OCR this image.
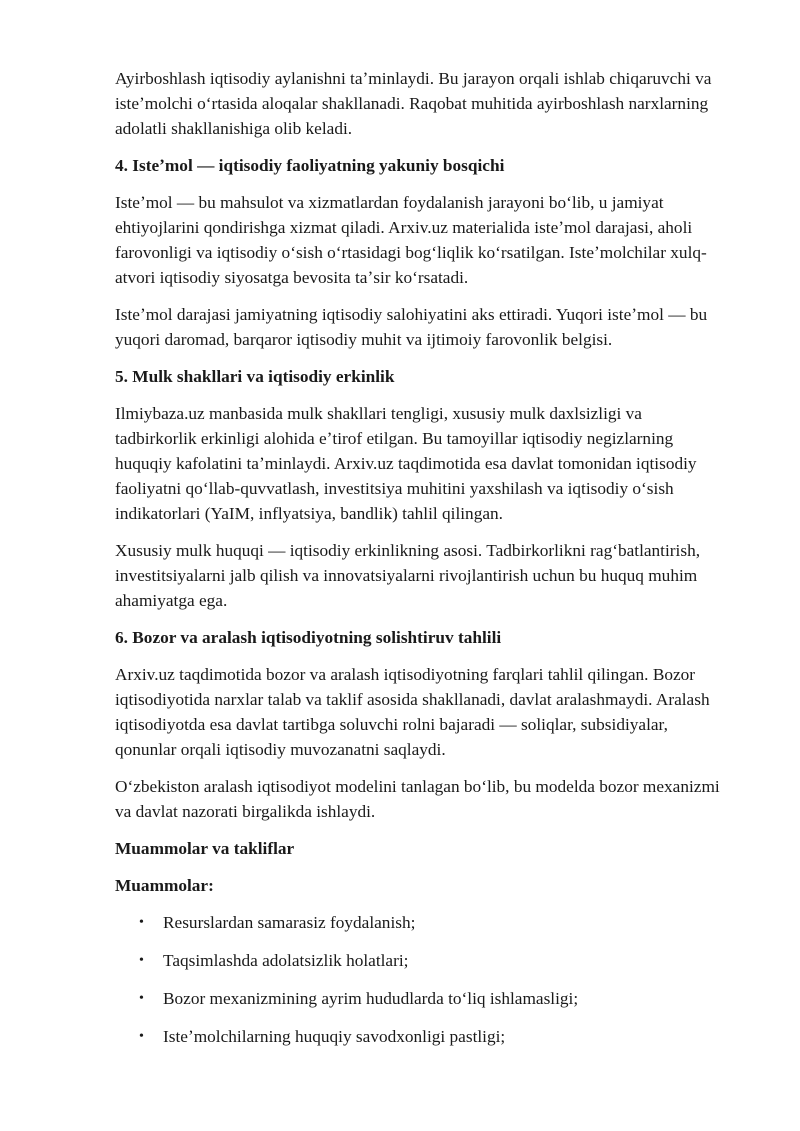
Ayirboshlash iqtisodiy aylanishni taʼminlaydi. Bu jarayon orqali ishlab chiqaruvchi va isteʼmolchi oʻrtasida aloqalar shakllanadi. Raqobat muhitida ayirboshlash narxlarning adolatli shakllanishiga olib keladi.

4. Isteʼmol — iqtisodiy faoliyatning yakuniy bosqichi

Isteʼmol — bu mahsulot va xizmatlardan foydalanish jarayoni boʻlib, u jamiyat ehtiyojlarini qondirishga xizmat qiladi. Arxiv.uz materialida isteʼmol darajasi, aholi farovonligi va iqtisodiy oʻsish oʻrtasidagi bogʻliqlik koʻrsatilgan. Isteʼmolchilar xulq-atvori iqtisodiy siyosatga bevosita taʼsir koʻrsatadi.

Isteʼmol darajasi jamiyatning iqtisodiy salohiyatini aks ettiradi. Yuqori isteʼmol — bu yuqori daromad, barqaror iqtisodiy muhit va ijtimoiy farovonlik belgisi.

5. Mulk shakllari va iqtisodiy erkinlik

Ilmiybaza.uz manbasida mulk shakllari tengligi, xususiy mulk daxlsizligi va tadbirkorlik erkinligi alohida eʼtirof etilgan. Bu tamoyillar iqtisodiy negizlarning huquqiy kafolatini taʼminlaydi. Arxiv.uz taqdimotida esa davlat tomonidan iqtisodiy faoliyatni qoʻllab-quvvatlash, investitsiya muhitini yaxshilash va iqtisodiy oʻsish indikatorlari (YaIM, inflyatsiya, bandlik) tahlil qilingan.

Xususiy mulk huquqi — iqtisodiy erkinlikning asosi. Tadbirkorlikni ragʻbatlantirish, investitsiyalarni jalb qilish va innovatsiyalarni rivojlantirish uchun bu huquq muhim ahamiyatga ega.

6. Bozor va aralash iqtisodiyotning solishtiruv tahlili

Arxiv.uz taqdimotida bozor va aralash iqtisodiyotning farqlari tahlil qilingan. Bozor iqtisodiyotida narxlar talab va taklif asosida shakllanadi, davlat aralashmaydi. Aralash iqtisodiyotda esa davlat tartibga soluvchi rolni bajaradi — soliqlar, subsidiyalar, qonunlar orqali iqtisodiy muvozanatni saqlaydi.

Oʻzbekiston aralash iqtisodiyot modelini tanlagan boʻlib, bu modelda bozor mexanizmi va davlat nazorati birgalikda ishlaydi.

Muammolar va takliflar
Muammolar:
• Resurslardan samarasiz foydalanish;
• Taqsimlashda adolatsizlik holatlari;
• Bozor mexanizmining ayrim hududlarda toʻliq ishlamasligi;
• Isteʼmolchilarning huquqiy savodxonligi pastligi;
